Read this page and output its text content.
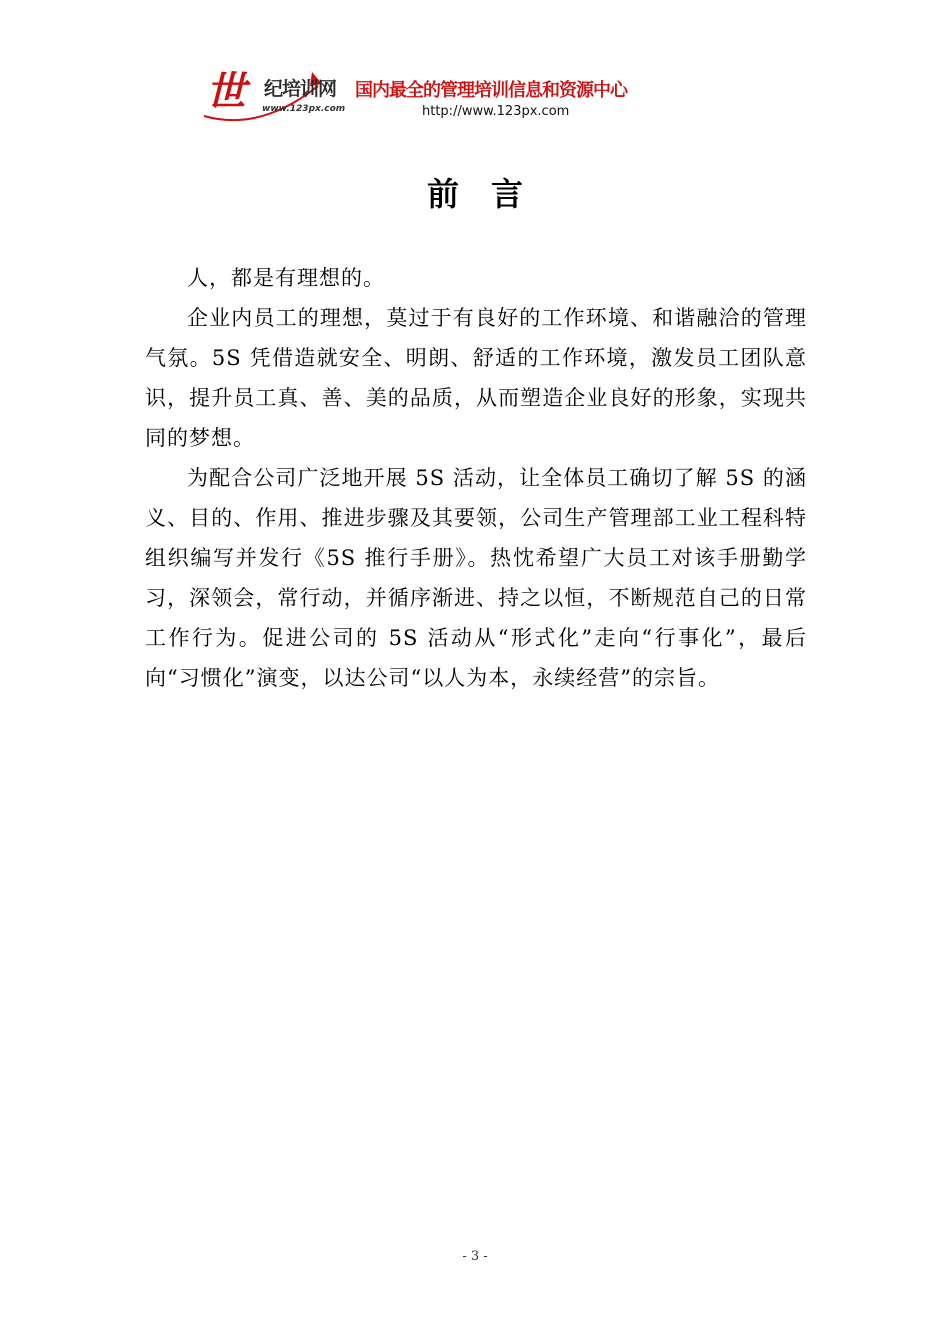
世 纪培训网
www.123px.com
国内最全的管理培训信息和资源中心
http://www.123px.com
前　言

人，都是有理想的。

企业内员工的理想，莫过于有良好的工作环境、和谐融洽的管理气氛。5S 凭借造就安全、明朗、舒适的工作环境，激发员工团队意识，提升员工真、善、美的品质，从而塑造企业良好的形象，实现共同的梦想。

为配合公司广泛地开展 5S 活动，让全体员工确切了解 5S 的涵义、目的、作用、推进步骤及其要领，公司生产管理部工业工程科特组织编写并发行《5S 推行手册》。热忱希望广大员工对该手册勤学习，深领会，常行动，并循序渐进、持之以恒，不断规范自己的日常工作行为。促进公司的 5S 活动从“形式化”走向“行事化”，最后向“习惯化”演变，以达公司“以人为本，永续经营”的宗旨。

- 3 -
